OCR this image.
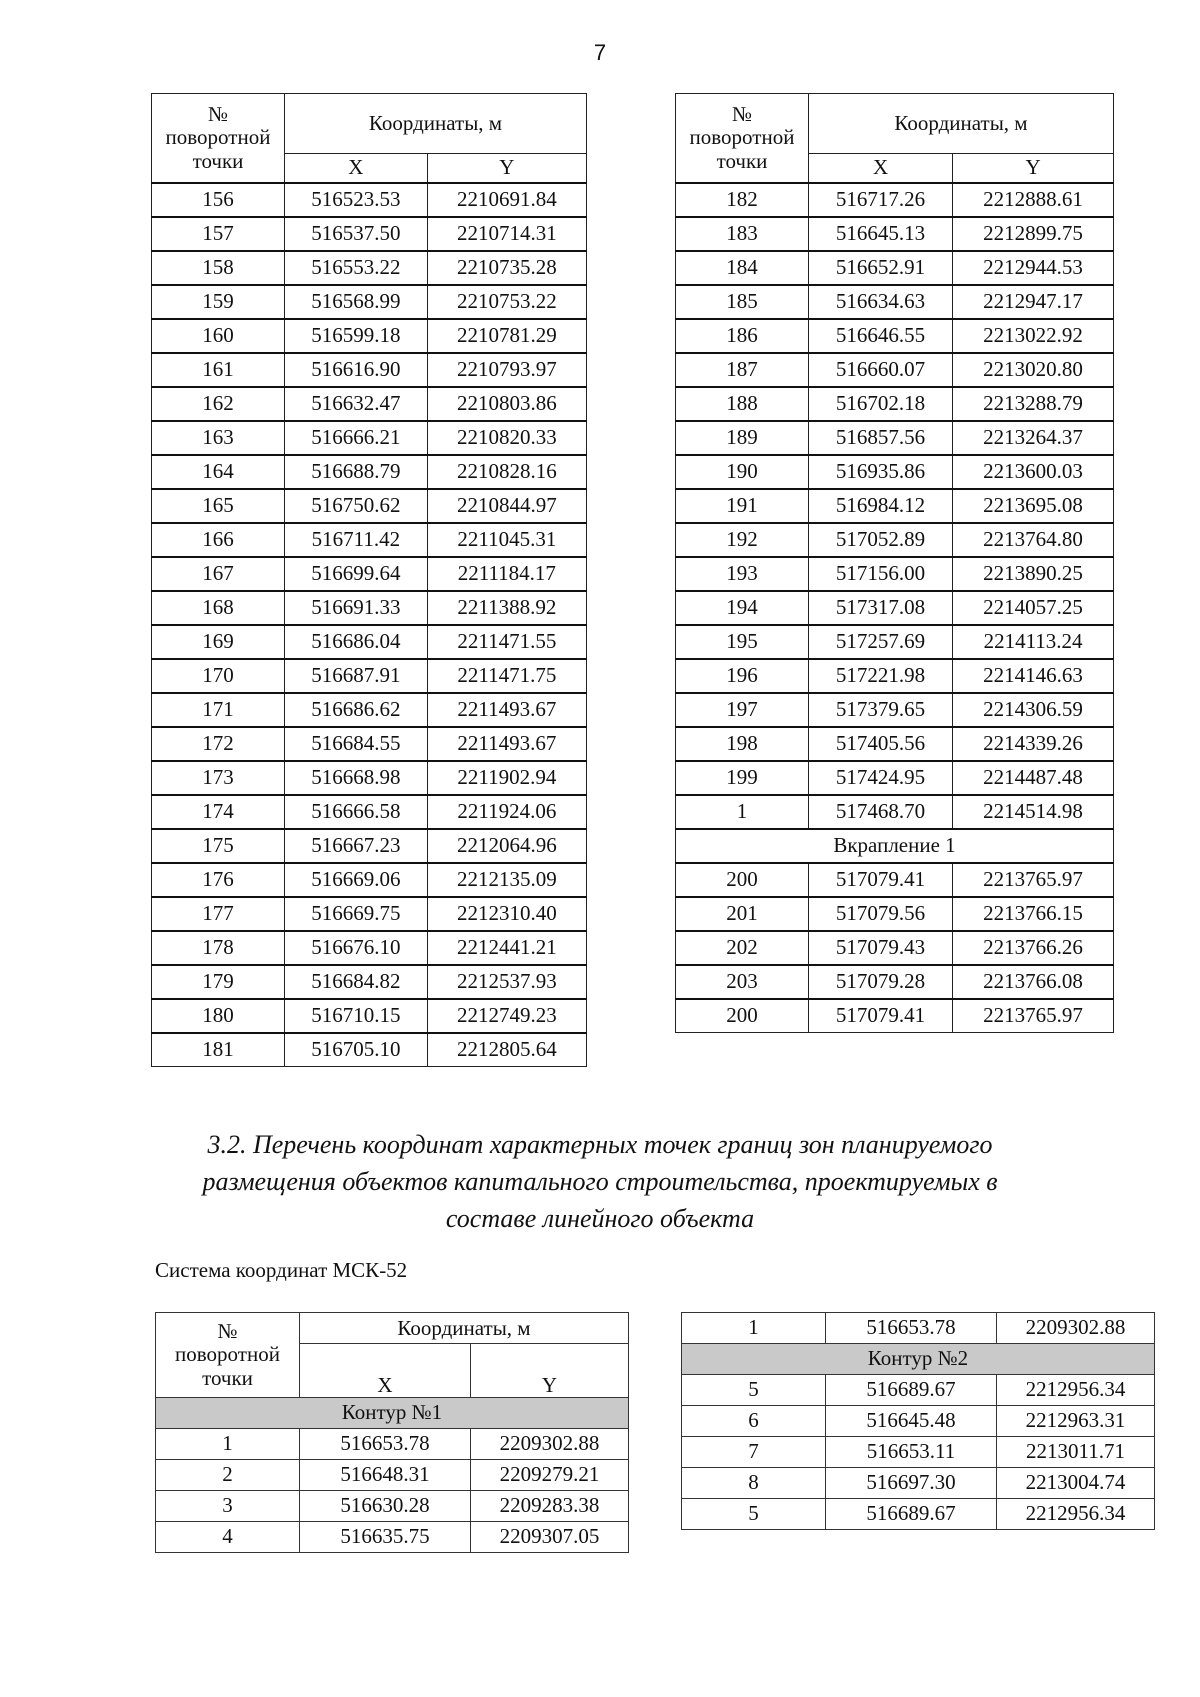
7
№
поворотной
точки	Координаты, м	
	X	Y
156	516523.53	2210691.84
157	516537.50	2210714.31
158	516553.22	2210735.28
159	516568.99	2210753.22
160	516599.18	2210781.29
161	516616.90	2210793.97
162	516632.47	2210803.86
163	516666.21	2210820.33
164	516688.79	2210828.16
165	516750.62	2210844.97
166	516711.42	2211045.31
167	516699.64	2211184.17
168	516691.33	2211388.92
169	516686.04	2211471.55
170	516687.91	2211471.75
171	516686.62	2211493.67
172	516684.55	2211493.67
173	516668.98	2211902.94
174	516666.58	2211924.06
175	516667.23	2212064.96
176	516669.06	2212135.09
177	516669.75	2212310.40
178	516676.10	2212441.21
179	516684.82	2212537.93
180	516710.15	2212749.23
181	516705.10	2212805.64
№
поворотной
точки	Координаты, м	
	X	Y
182	516717.26	2212888.61
183	516645.13	2212899.75
184	516652.91	2212944.53
185	516634.63	2212947.17
186	516646.55	2213022.92
187	516660.07	2213020.80
188	516702.18	2213288.79
189	516857.56	2213264.37
190	516935.86	2213600.03
191	516984.12	2213695.08
192	517052.89	2213764.80
193	517156.00	2213890.25
194	517317.08	2214057.25
195	517257.69	2214113.24
196	517221.98	2214146.63
197	517379.65	2214306.59
198	517405.56	2214339.26
199	517424.95	2214487.48
1	517468.70	2214514.98
Вкрапление 1		
200	517079.41	2213765.97
201	517079.56	2213766.15
202	517079.43	2213766.26
203	517079.28	2213766.08
200	517079.41	2213765.97
3.2. Перечень координат характерных точек границ зон планируемого
размещения объектов капитального строительства, проектируемых в
составе линейного объекта
Система координат МСК-52
№
поворотной
точки	Координаты, м	
	X	Y
Контур №1		
1	516653.78	2209302.88
2	516648.31	2209279.21
3	516630.28	2209283.38
4	516635.75	2209307.05
1	516653.78	2209302.88
Контур №2		
5	516689.67	2212956.34
6	516645.48	2212963.31
7	516653.11	2213011.71
8	516697.30	2213004.74
5	516689.67	2212956.34
